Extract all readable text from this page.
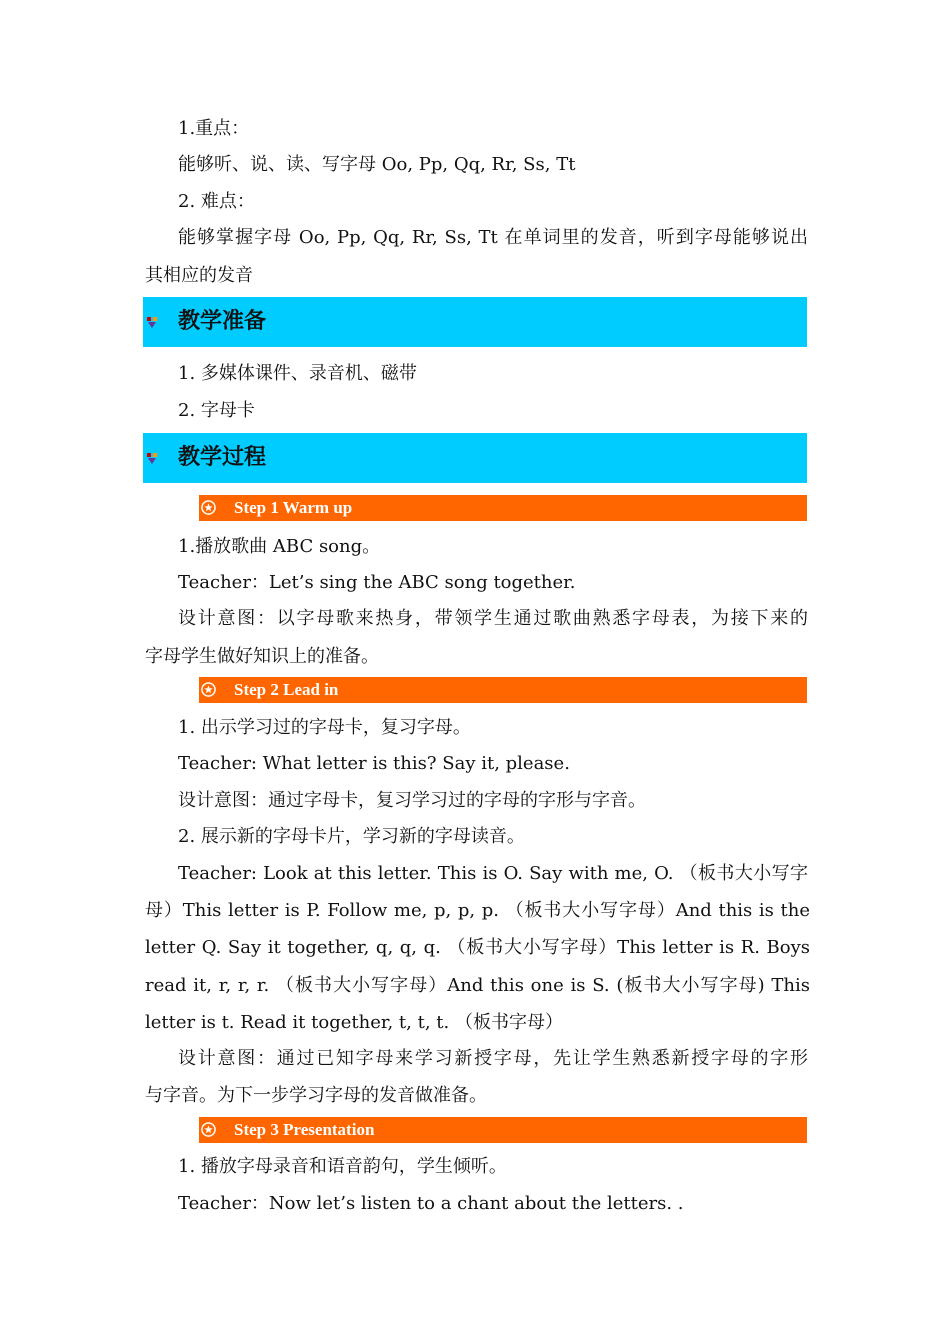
1.重点：
能够听、说、读、写字母 Oo, Pp, Qq, Rr, Ss, Tt
2. 难点：
能够掌握字母 Oo, Pp, Qq, Rr, Ss, Tt 在单词里的发音，听到字母能够说出
其相应的发音
教学准备
1. 多媒体课件、录音机、磁带
2. 字母卡
教学过程
Step 1 Warm up
1.播放歌曲 ABC song。
Teacher：Let’s sing the ABC song together.
设计意图：以字母歌来热身，带领学生通过歌曲熟悉字母表，为接下来的
字母学生做好知识上的准备。
Step 2 Lead in
1. 出示学习过的字母卡，复习字母。
Teacher: What letter is this? Say it, please.
设计意图：通过字母卡，复习学习过的字母的字形与字音。
2. 展示新的字母卡片，学习新的字母读音。
Teacher: Look at this letter. This is O. Say with me, O. （板书大小写字
母）This letter is P. Follow me, p, p, p. （板书大小写字母）And this is the
letter Q. Say it together, q, q, q. （板书大小写字母）This letter is R. Boys
read it, r, r, r. （板书大小写字母）And this one is S. (板书大小写字母) This
letter is t. Read it together, t, t, t. （板书字母）
设计意图：通过已知字母来学习新授字母，先让学生熟悉新授字母的字形
与字音。为下一步学习字母的发音做准备。
Step 3 Presentation
1. 播放字母录音和语音韵句，学生倾听。
Teacher：Now let’s listen to a chant about the letters. .
